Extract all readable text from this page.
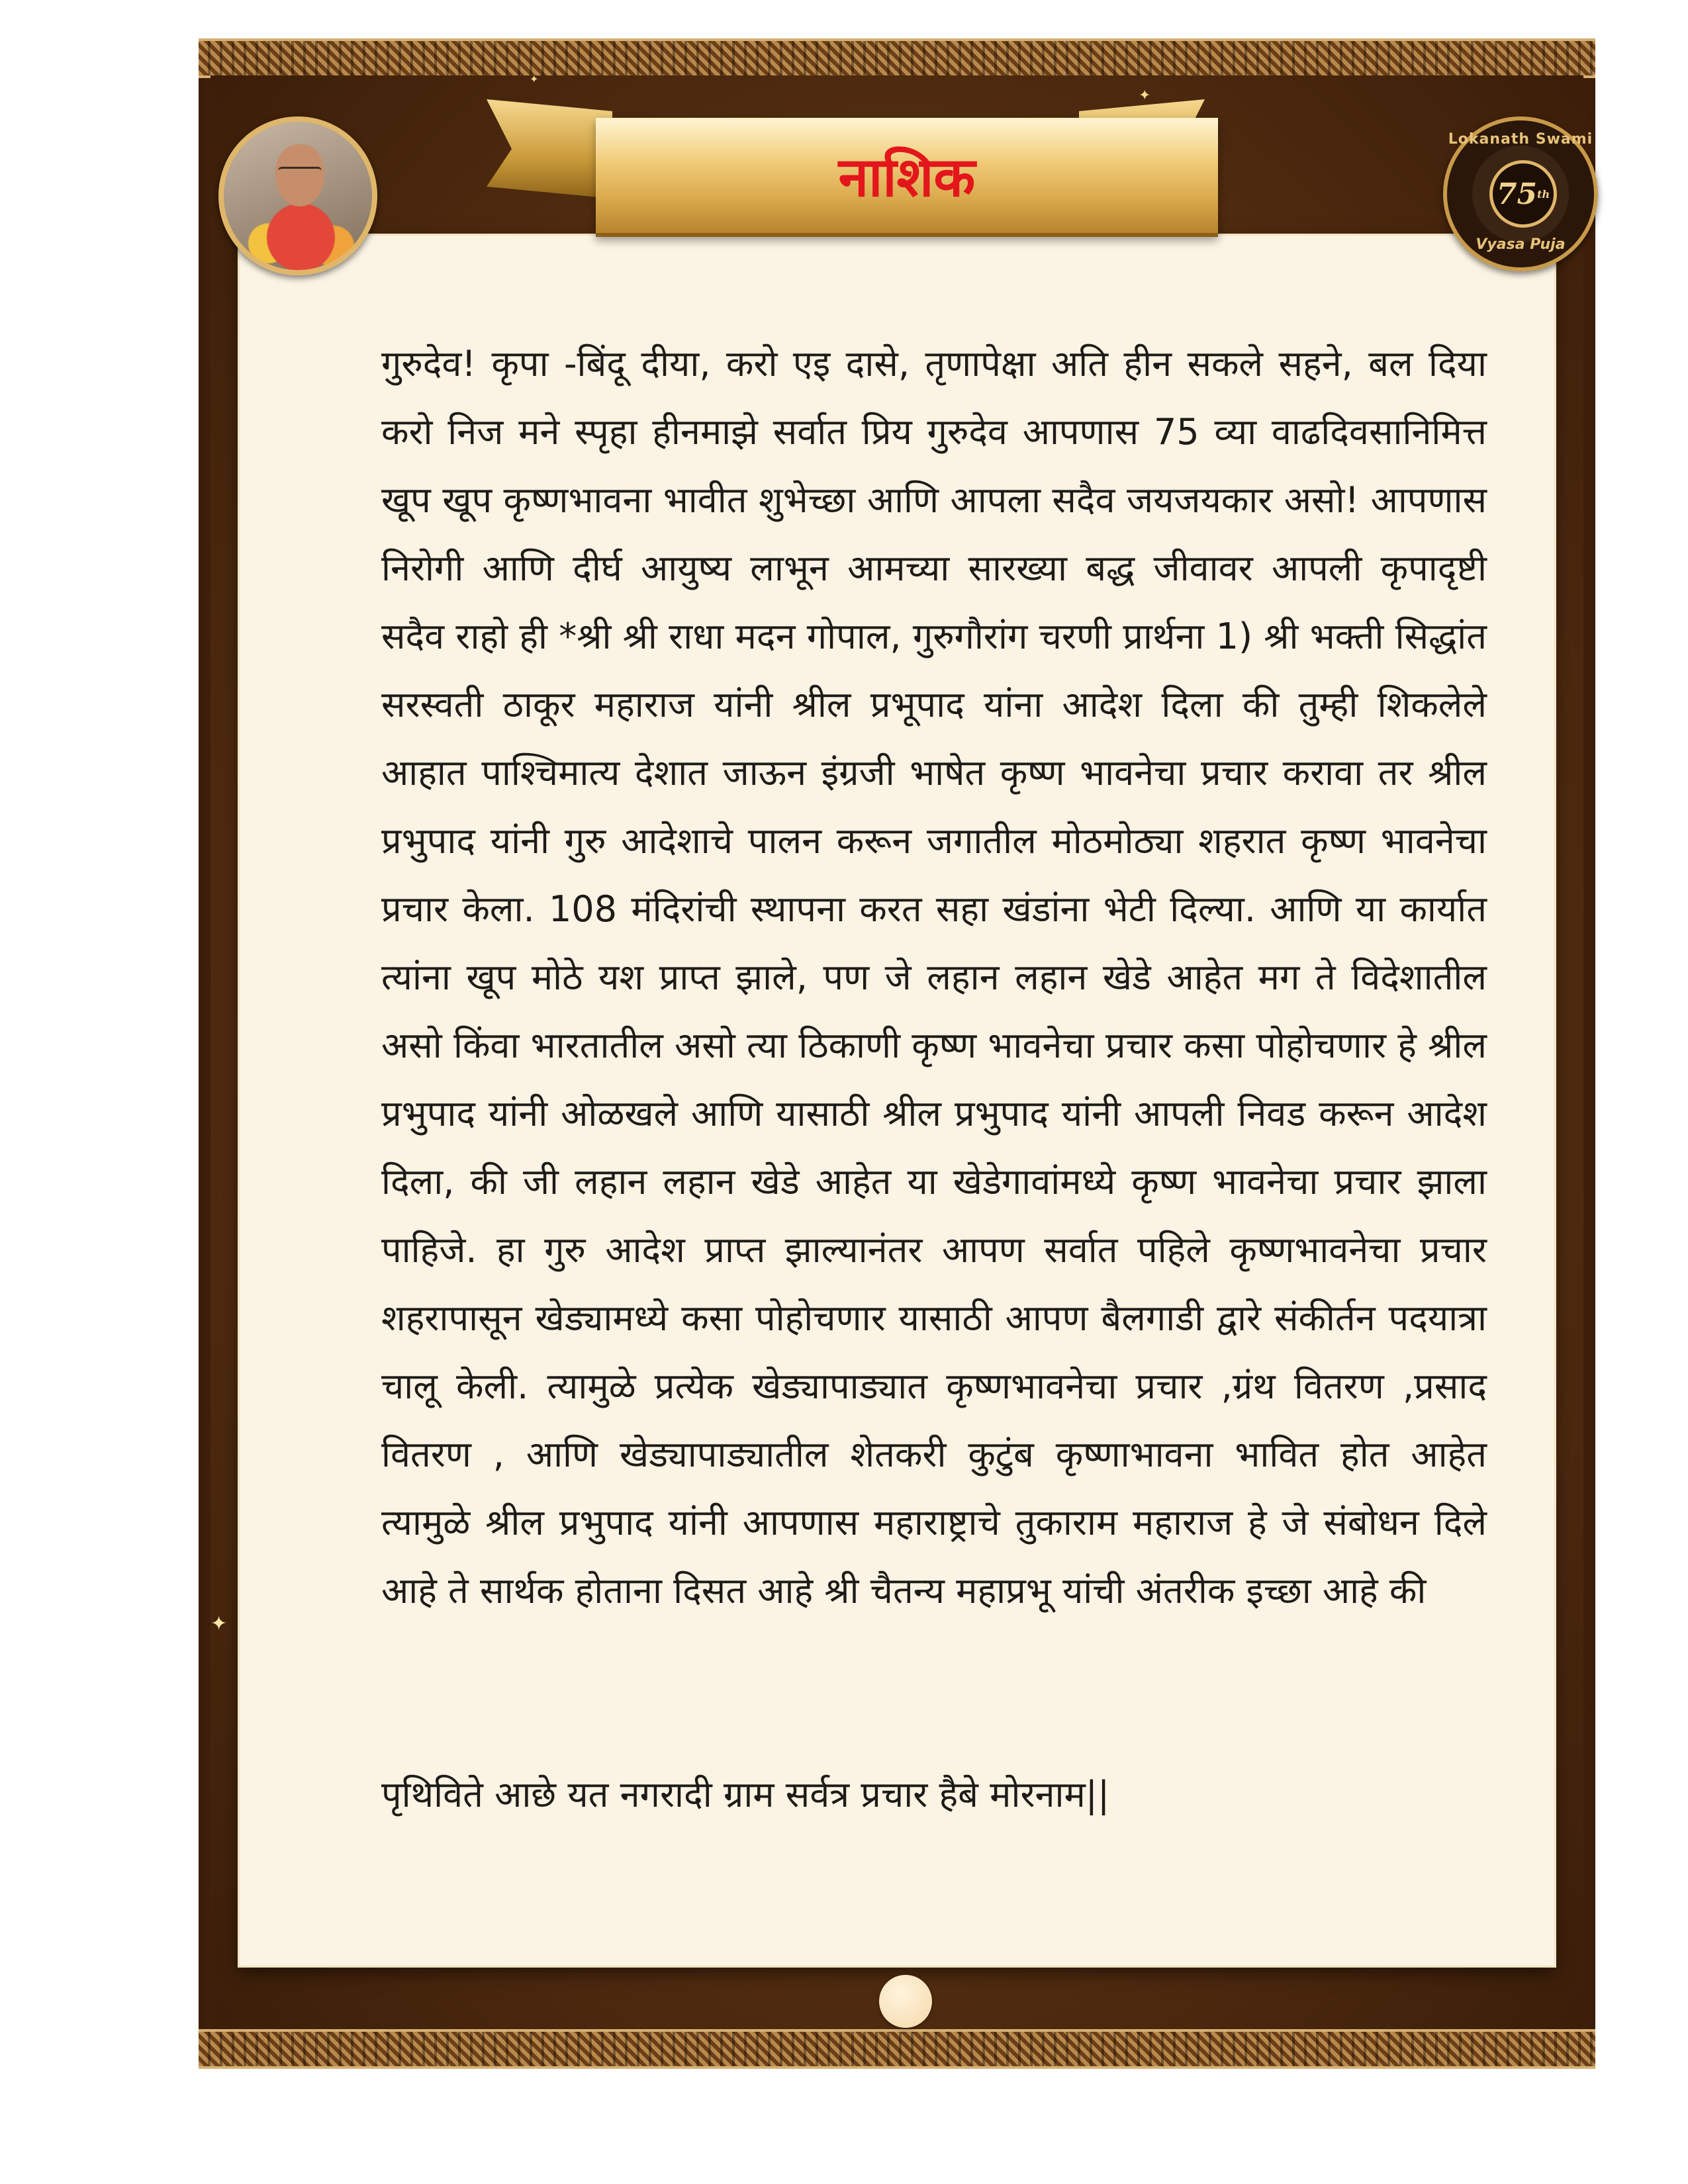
✦
✦
नाशिक
Lokanath Swami
75 th
Vyasa Puja

गुरुदेव! कृपा -बिंदू दीया, करो एइ दासे, तृणापेक्षा अति हीन सकले सहने, बल दिया करो निज मने स्पृहा हीनमाझे सर्वात प्रिय गुरुदेव आपणास 75 व्या वाढदिवसानिमित्त खूप खूप कृष्णभावना भावीत शुभेच्छा आणि आपला सदैव जयजयकार असो! आपणास निरोगी आणि दीर्घ आयुष्य लाभून आमच्या सारख्या बद्ध जीवावर आपली कृपादृष्टी सदैव राहो ही *श्री श्री राधा मदन गोपाल, गुरुगौरांग चरणी प्रार्थना 1) श्री भक्ती सिद्धांत सरस्वती ठाकूर महाराज यांनी श्रील प्रभूपाद यांना आदेश दिला की तुम्ही शिकलेले आहात पाश्चिमात्य देशात जाऊन इंग्रजी भाषेत कृष्ण भावनेचा प्रचार करावा तर श्रील प्रभुपाद यांनी गुरु आदेशाचे पालन करून जगातील मोठमोठ्या शहरात कृष्ण भावनेचा प्रचार केला. 108 मंदिरांची स्थापना करत सहा खंडांना भेटी दिल्या. आणि या कार्यात त्यांना खूप मोठे यश प्राप्त झाले, पण जे लहान लहान खेडे आहेत मग ते विदेशातील असो किंवा भारतातील असो त्या ठिकाणी कृष्ण भावनेचा प्रचार कसा पोहोचणार हे श्रील प्रभुपाद यांनी ओळखले आणि यासाठी श्रील प्रभुपाद यांनी आपली निवड करून आदेश दिला, की जी लहान लहान खेडे आहेत या खेडेगावांमध्ये कृष्ण भावनेचा प्रचार झाला पाहिजे. हा गुरु आदेश प्राप्त झाल्यानंतर आपण सर्वात पहिले कृष्णभावनेचा प्रचार शहरापासून खेड्यामध्ये कसा पोहोचणार यासाठी आपण बैलगाडी द्वारे संकीर्तन पदयात्रा चालू केली. त्यामुळे प्रत्येक खेड्यापाड्यात कृष्णभावनेचा प्रचार ,ग्रंथ वितरण ,प्रसाद वितरण , आणि खेड्यापाड्यातील शेतकरी कुटुंब कृष्णाभावना भावित होत आहेत त्यामुळे श्रील प्रभुपाद यांनी आपणास महाराष्ट्राचे तुकाराम महाराज हे जे संबोधन दिले आहे ते सार्थक होताना दिसत आहे श्री चैतन्य महाप्रभू यांची अंतरीक इच्छा आहे की

पृथिविते आछे यत नगरादी ग्राम सर्वत्र प्रचार हैबे मोरनाम||
✦
